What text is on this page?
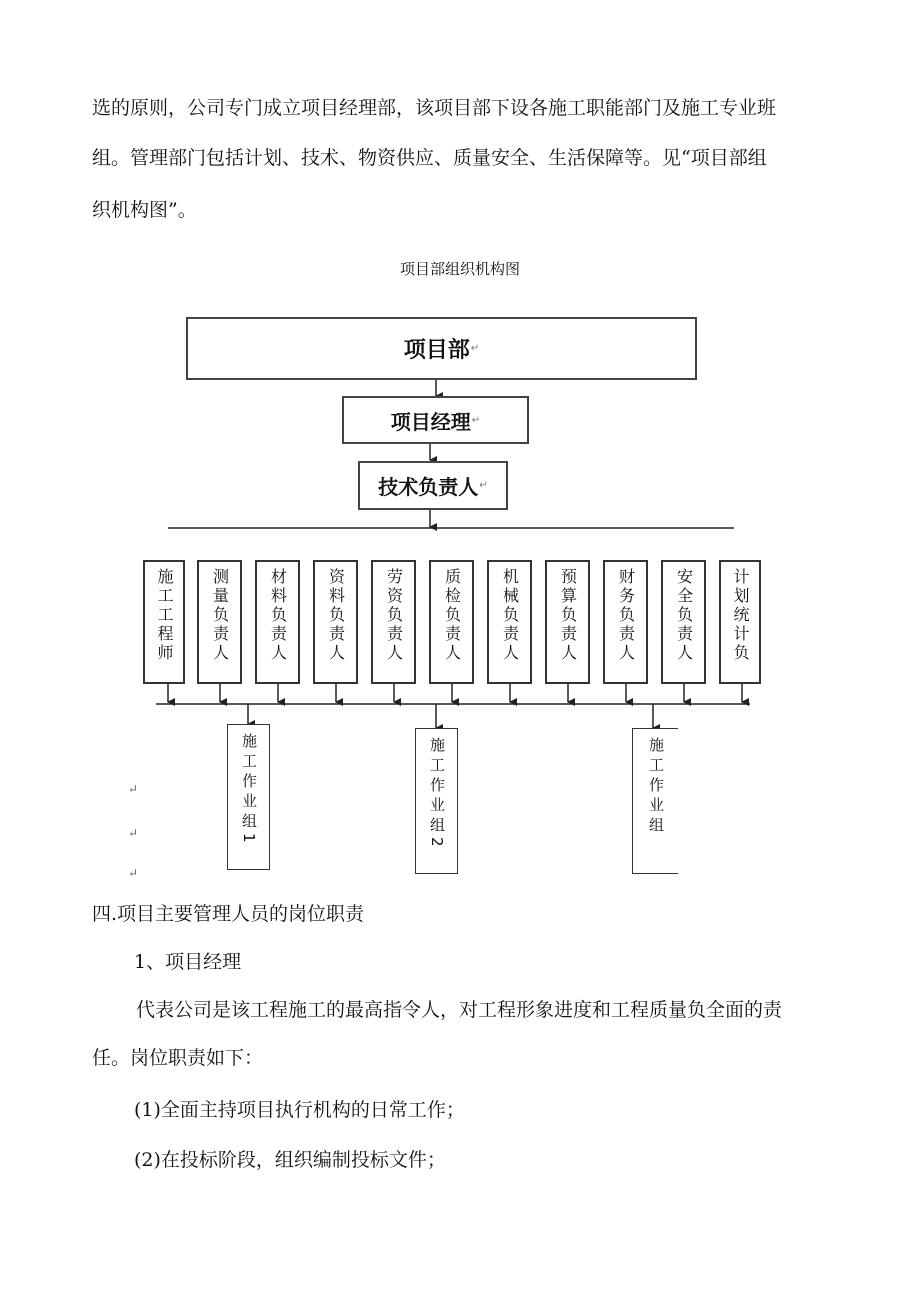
选的原则，公司专门成立项目经理部，该项目部下设各施工职能部门及施工专业班
组。管理部门包括计划、技术、物资供应、质量安全、生活保障等。见“项目部组
织机构图”。
项目部组织机构图
项目部 ↵
项目经理 ↵
技术负责人 ↵
施工工程师 测量负责人 材料负责人 资料负责人 劳资负责人 质检负责人 机械负责人 预算负责人 财务负责人 安全负责人 计划统计负
施工作业组1
施工作业组2
施工作业组
↵
↵
↵
四.项目主要管理人员的岗位职责
1、项目经理
代表公司是该工程施工的最高指令人，对工程形象进度和工程质量负全面的责
任。岗位职责如下：
(1)全面主持项目执行机构的日常工作；
(2)在投标阶段，组织编制投标文件；
